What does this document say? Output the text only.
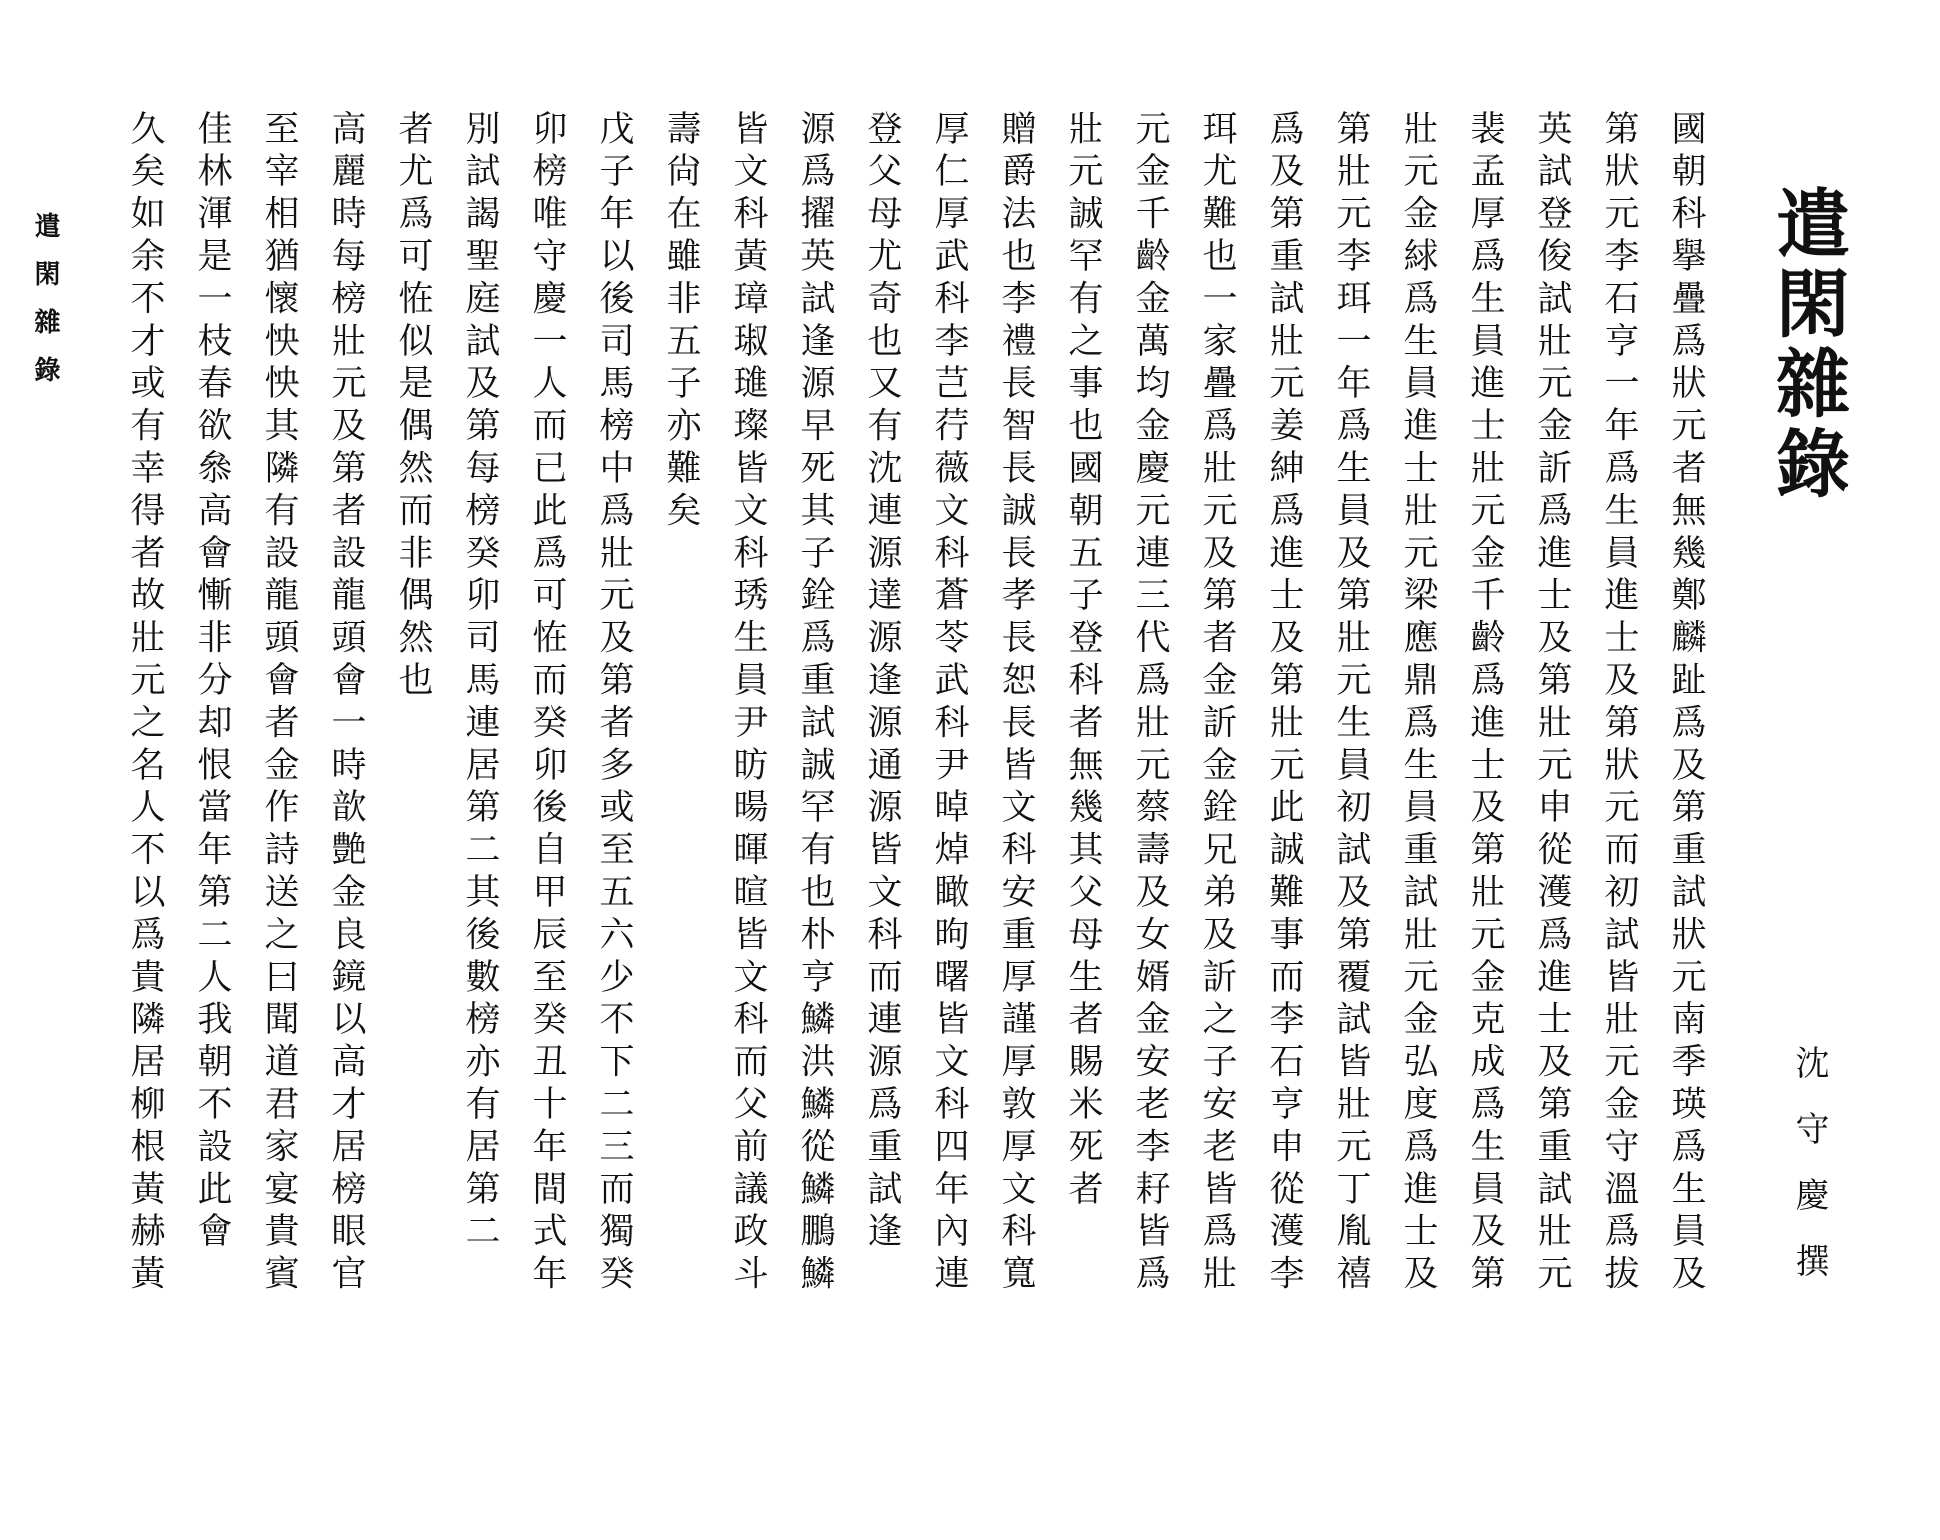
遣閑雜錄
沈守慶撰
遣閑雜錄	國朝科擧疊爲狀元者無幾鄭麟趾爲及第重試狀元南季瑛爲生員及
第狀元李石亨一年爲生員進士及第狀元而初試皆壯元金守溫爲拔
英試登俊試壯元金訢爲進士及第壯元申從濩爲進士及第重試壯元
裴孟厚爲生員進士壯元金千齡爲進士及第壯元金克成爲生員及第
壯元金絿爲生員進士壯元梁應鼎爲生員重試壯元金弘度爲進士及
第壯元李珥一年爲生員及第壯元生員初試及第覆試皆壯元丁胤禧
爲及第重試壯元姜紳爲進士及第壯元此誠難事而李石亨申從濩李
珥尤難也一家疊爲壯元及第者金訢金銓兄弟及訢之子安老皆爲壯
元金千齡金萬均金慶元連三代爲壯元蔡壽及女婿金安老李耔皆爲
壯元誠罕有之事也國朝五子登科者無幾其父母生者賜米死者
贈爵法也李禮長智長誠長孝長恕長皆文科安重厚謹厚敦厚文科寬
厚仁厚武科李芑荇薇文科蒼苓武科尹晫焯瞰昫曙皆文科四年內連
登父母尤奇也又有沈連源達源逢源通源皆文科而連源爲重試逢
源爲擢英試逢源早死其子銓爲重試誠罕有也朴亨鱗洪鱗從鱗鵬鱗
皆文科黃璋琡璡璨皆文科琇生員尹昉暘暉暄皆文科而父前議政斗
壽尙在雖非五子亦難矣
戊子年以後司馬榜中爲壯元及第者多或至五六少不下二三而獨癸
卯榜唯守慶一人而已此爲可恠而癸卯後自甲辰至癸丑十年間式年
別試謁聖庭試及第每榜癸卯司馬連居第二其後數榜亦有居第二
者尤爲可恠似是偶然而非偶然也
高麗時每榜壯元及第者設龍頭會一時歆艶金良鏡以高才居榜眼官
至宰相猶懷怏怏其隣有設龍頭會者金作詩送之曰聞道君家宴貴賓
佳林渾是一枝春欲叅高會慚非分却恨當年第二人我朝不設此會
久矣如余不才或有幸得者故壯元之名人不以爲貴隣居柳根黃赫黃
